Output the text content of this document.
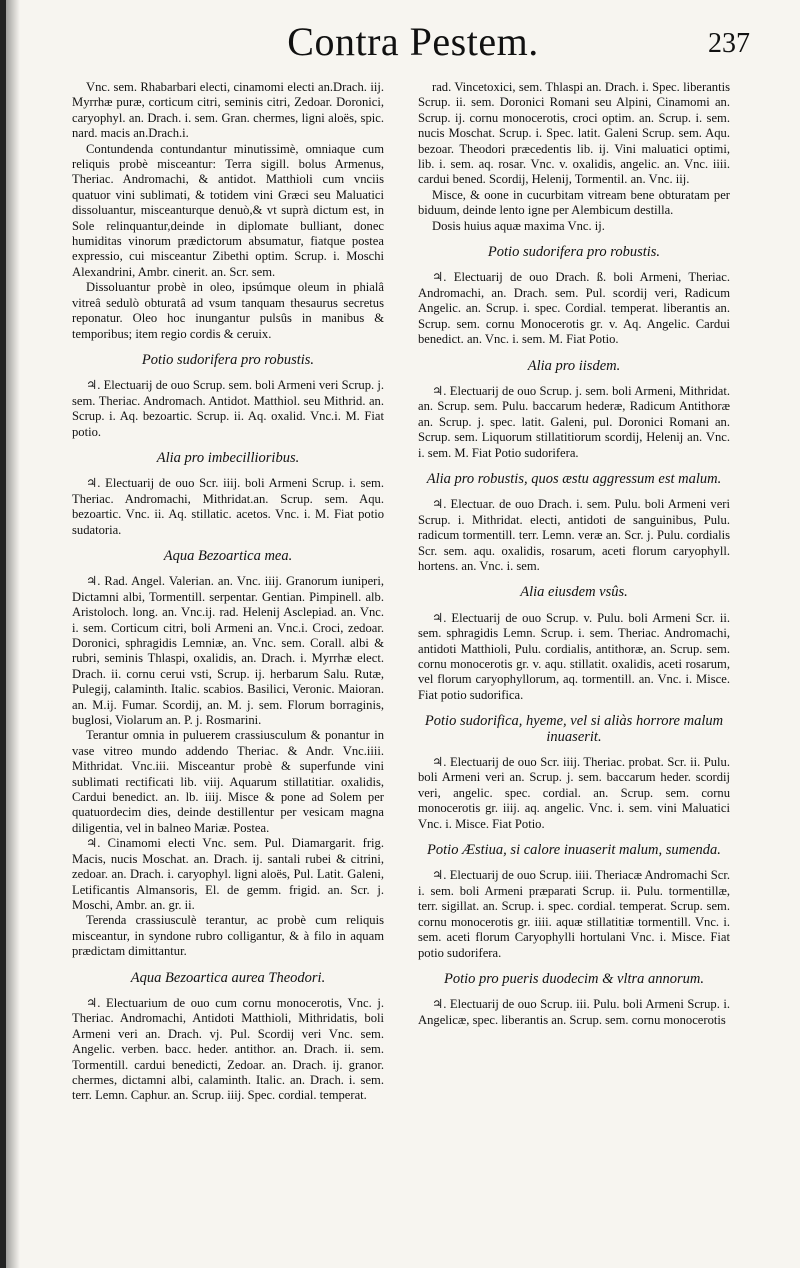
Contra Pestem.	237

Vnc. sem. Rhabarbari electi, cinamomi electi an.Drach. iij. Myrrhæ puræ, corticum citri, seminis citri, Zedoar. Doronici, caryophyl. an. Drach. i. sem. Gran. chermes, ligni aloës, spic. nard. macis an.Drach.i.

Contundenda contundantur minutissimè, omniaque cum reliquis probè misceantur: Terra sigill. bolus Armenus, Theriac. Andromachi, & antidot. Matthioli cum vnciis quatuor vini sublimati, & totidem vini Græci seu Maluatici dissoluantur, misceanturque denuò,& vt suprà dictum est, in Sole relinquantur,deinde in diplomate bulliant, donec humiditas vinorum prædictorum absumatur, fiatque postea expressio, cui misceantur Zibethi optim. Scrup. i. Moschi Alexandrini, Ambr. cinerit. an. Scr. sem.

Dissoluantur probè in oleo, ipsúmque oleum in phialâ vitreâ sedulò obturatâ ad vsum tanquam thesaurus secretus reponatur. Oleo hoc inungantur pulsûs in manibus & temporibus; item regio cordis & ceruix.

Potio sudorifera pro robustis.

♃. Electuarij de ouo Scrup. sem. boli Armeni veri Scrup. j. sem. Theriac. Andromach. Antidot. Matthiol. seu Mithrid. an. Scrup. i. Aq. bezoartic. Scrup. ii. Aq. oxalid. Vnc.i. M. Fiat potio.

Alia pro imbecillioribus.

♃. Electuarij de ouo Scr. iiij. boli Armeni Scrup. i. sem. Theriac. Andromachi, Mithridat.an. Scrup. sem. Aqu. bezoartic. Vnc. ii. Aq. stillatic. acetos. Vnc. i. M. Fiat potio sudatoria.

Aqua Bezoartica mea.

♃. Rad. Angel. Valerian. an. Vnc. iiij. Granorum iuniperi, Dictamni albi, Tormentill. serpentar. Gentian. Pimpinell. alb. Aristoloch. long. an. Vnc.ij. rad. Helenij Asclepiad. an. Vnc. i. sem. Corticum citri, boli Armeni an. Vnc.i. Croci, zedoar. Doronici, sphragidis Lemniæ, an. Vnc. sem. Corall. albi & rubri, seminis Thlaspi, oxalidis, an. Drach. i. Myrrhæ elect. Drach. ii. cornu cerui vsti, Scrup. ij. herbarum Salu. Rutæ, Pulegij, calaminth. Italic. scabios. Basilici, Veronic. Maioran. an. M.ij. Fumar. Scordij, an. M. j. sem. Florum borraginis, buglosi, Violarum an. P. j. Rosmarini.

Terantur omnia in puluerem crassiusculum & ponantur in vase vitreo mundo addendo Theriac. & Andr. Vnc.iiii. Mithridat. Vnc.iii. Misceantur probè & superfunde vini sublimati rectificati lib. viij. Aquarum stillatitiar. oxalidis, Cardui benedict. an. lb. iiij. Misce & pone ad Solem per quatuordecim dies, deinde destillentur per vesicam magna diligentia, vel in balneo Mariæ. Postea.

♃. Cinamomi electi Vnc. sem. Pul. Diamargarit. frig. Macis, nucis Moschat. an. Drach. ij. santali rubei & citrini, zedoar. an. Drach. i. caryophyl. ligni aloës, Pul. Latit. Galeni, Letificantis Almansoris, El. de gemm. frigid. an. Scr. j. Moschi, Ambr. an. gr. ii.

Terenda crassiusculè terantur, ac probè cum reliquis misceantur, in syndone rubro colligantur, & à filo in aquam prædictam dimittantur.

Aqua Bezoartica aurea Theodori.

♃. Electuarium de ouo cum cornu monocerotis, Vnc. j. Theriac. Andromachi, Antidoti Matthioli, Mithridatis, boli Armeni veri an. Drach. vj. Pul. Scordij veri Vnc. sem. Angelic. verben. bacc. heder. antithor. an. Drach. ii. sem. Tormentill. cardui benedicti, Zedoar. an. Drach. ij. granor. chermes, dictamni albi, calaminth. Italic. an. Drach. i. sem. terr. Lemn. Caphur. an. Scrup. iiij. Spec. cordial. temperat.

rad. Vincetoxici, sem. Thlaspi an. Drach. i. Spec. liberantis Scrup. ii. sem. Doronici Romani seu Alpini, Cinamomi an. Scrup. ij. cornu monocerotis, croci optim. an. Scrup. i. sem. nucis Moschat. Scrup. i. Spec. latit. Galeni Scrup. sem. Aqu. bezoar. Theodori præcedentis lib. ij. Vini maluatici optimi, lib. i. sem. aq. rosar. Vnc. v. oxalidis, angelic. an. Vnc. iiii. cardui bened. Scordij, Helenij, Tormentil. an. Vnc. iij.

Misce, & oone in cucurbitam vitream bene obturatam per biduum, deinde lento igne per Alembicum destilla.

Dosis huius aquæ maxima Vnc. ij.

Potio sudorifera pro robustis.

♃. Electuarij de ouo Drach. ß. boli Armeni, Theriac. Andromachi, an. Drach. sem. Pul. scordij veri, Radicum Angelic. an. Scrup. i. spec. Cordial. temperat. liberantis an. Scrup. sem. cornu Monocerotis gr. v. Aq. Angelic. Cardui benedict. an. Vnc. i. sem. M. Fiat Potio.

Alia pro iisdem.

♃. Electuarij de ouo Scrup. j. sem. boli Armeni, Mithridat. an. Scrup. sem. Pulu. baccarum hederæ, Radicum Antithoræ an. Scrup. j. spec. latit. Galeni, pul. Doronici Romani an. Scrup. sem. Liquorum stillatitiorum scordij, Helenij an. Vnc. i. sem. M. Fiat Potio sudorifera.

Alia pro robustis, quos æstu aggressum est malum.

♃. Electuar. de ouo Drach. i. sem. Pulu. boli Armeni veri Scrup. i. Mithridat. electi, antidoti de sanguinibus, Pulu. radicum tormentill. terr. Lemn. veræ an. Scr. j. Pulu. cordialis Scr. sem. aqu. oxalidis, rosarum, aceti florum caryophyll. hortens. an. Vnc. i. sem.

Alia eiusdem vsûs.

♃. Electuarij de ouo Scrup. v. Pulu. boli Armeni Scr. ii. sem. sphragidis Lemn. Scrup. i. sem. Theriac. Andromachi, antidoti Matthioli, Pulu. cordialis, antithoræ, an. Scrup. sem. cornu monocerotis gr. v. aqu. stillatit. oxalidis, aceti rosarum, vel florum caryophyllorum, aq. tormentill. an. Vnc. i. Misce. Fiat potio sudorifica.

Potio sudorifica, hyeme, vel si aliàs horrore malum inuaserit.

♃. Electuarij de ouo Scr. iiij. Theriac. probat. Scr. ii. Pulu. boli Armeni veri an. Scrup. j. sem. baccarum heder. scordij veri, angelic. spec. cordial. an. Scrup. sem. cornu monocerotis gr. iiij. aq. angelic. Vnc. i. sem. vini Maluatici Vnc. i. Misce. Fiat Potio.

Potio Æstiua, si calore inuaserit malum, sumenda.

♃. Electuarij de ouo Scrup. iiii. Theriacæ Andromachi Scr. i. sem. boli Armeni præparati Scrup. ii. Pulu. tormentillæ, terr. sigillat. an. Scrup. i. spec. cordial. temperat. Scrup. sem. cornu monocerotis gr. iiii. aquæ stillatitiæ tormentill. Vnc. i. sem. aceti florum Caryophylli hortulani Vnc. i. Misce. Fiat potio sudorifera.

Potio pro pueris duodecim & vltra annorum.

♃. Electuarij de ouo Scrup. iii. Pulu. boli Armeni Scrup. i. Angelicæ, spec. liberantis an. Scrup. sem. cornu monocerotis
